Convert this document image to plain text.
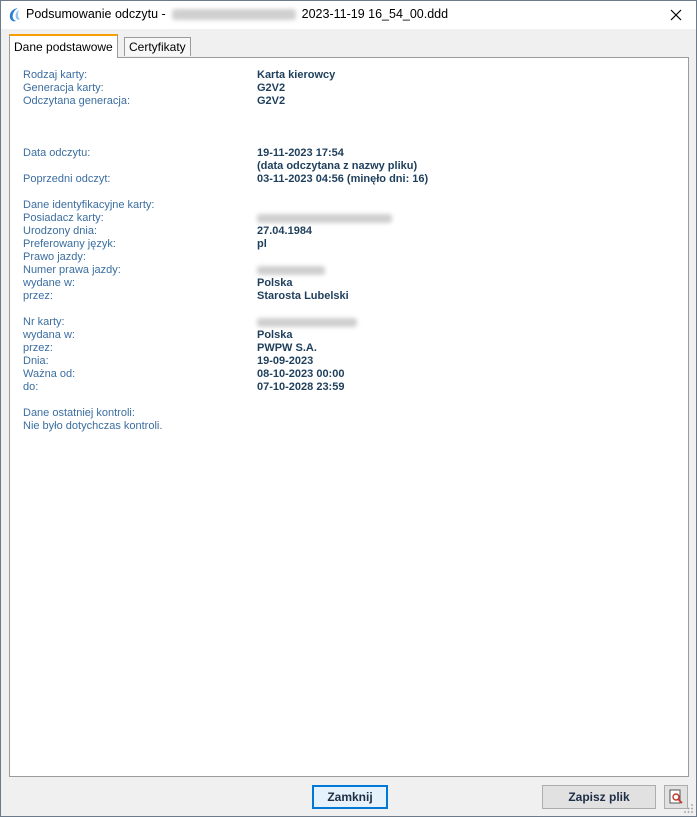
Podsumowanie odczytu -	2023-11-19 16_54_00.ddd
Dane podstawowe	Certyfikaty
Rodzaj karty:	Karta kierowcy
Generacja karty:	G2V2
Odczytana generacja:	G2V2
Data odczytu:	19-11-2023 17:54
(data odczytana z nazwy pliku)
Poprzedni odczyt:	03-11-2023 04:56 (minęło dni: 16)
Dane identyfikacyjne karty:
Posiadacz karty:
Urodzony dnia:	27.04.1984
Preferowany język:	pl
Prawo jazdy:
Numer prawa jazdy:
wydane w:	Polska
przez:	Starosta Lubelski
Nr karty:
wydana w:	Polska
przez:	PWPW S.A.
Dnia:	19-09-2023
Ważna od:	08-10-2023 00:00
do:	07-10-2028 23:59
Dane ostatniej kontroli:
Nie było dotychczas kontroli.
Zamknij	Zapisz plik
